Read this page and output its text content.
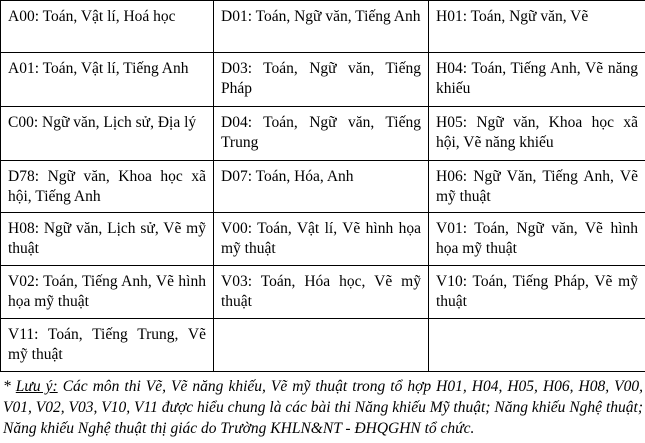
A00: Toán, Vật lí, Hoá học	D01: Toán, Ngữ văn, Tiếng Anh	H01: Toán, Ngữ văn, Vẽ
A01: Toán, Vật lí, Tiếng Anh	D03: Toán, Ngữ văn, Tiếng Pháp	H04: Toán, Tiếng Anh, Vẽ năng khiếu
C00: Ngữ văn, Lịch sử, Địa lý	D04: Toán, Ngữ văn, Tiếng Trung	H05: Ngữ văn, Khoa học xã hội, Vẽ năng khiếu
D78: Ngữ văn, Khoa học xã hội, Tiếng Anh	D07: Toán, Hóa, Anh	H06: Ngữ Văn, Tiếng Anh, Vẽ mỹ thuật
H08: Ngữ văn, Lịch sử, Vẽ mỹ thuật	V00: Toán, Vật lí, Vẽ hình họa mỹ thuật	V01: Toán, Ngữ văn, Vẽ hình họa mỹ thuật
V02: Toán, Tiếng Anh, Vẽ hình họa mỹ thuật	V03: Toán, Hóa học, Vẽ mỹ thuật	V10: Toán, Tiếng Pháp, Vẽ mỹ thuật
V11: Toán, Tiếng Trung, Vẽ mỹ thuật		

* Lưu ý: Các môn thi Vẽ, Vẽ năng khiếu, Vẽ mỹ thuật trong tổ hợp H01, H04, H05, H06, H08, V00, V01, V02, V03, V10, V11 được hiểu chung là các bài thi Năng khiếu Mỹ thuật; Năng khiếu Nghệ thuật; Năng khiếu Nghệ thuật thị giác do Trường KHLN&NT - ĐHQGHN tổ chức.
